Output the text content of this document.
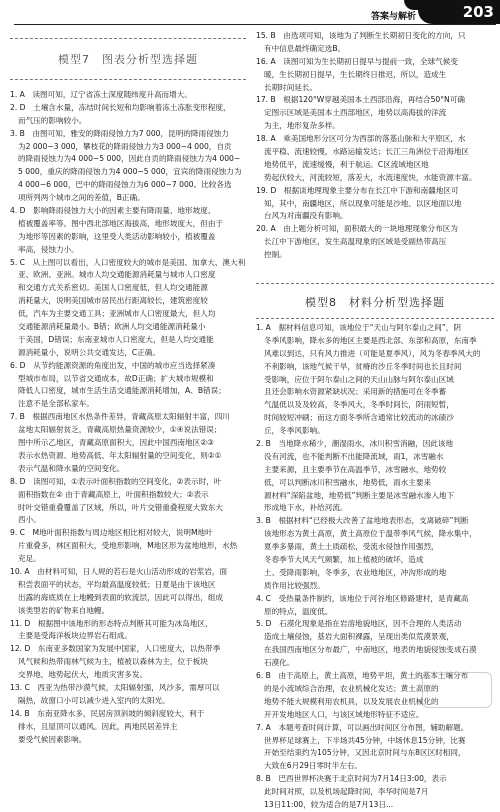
答案与解析	203
模型7　图表分析型选择题
1. A　读图可知，辽宁省冻土深度随纬度升高而增大。
2. D　土壤含水量，冻结时间长短和均影响着冻土冻胀变形程度，
而气压的影响较小。
3. B　由图可知，雅安的降雨侵蚀力为7 000，昆明的降雨侵蚀力
为2 000~3 000，攀枝花的降雨侵蚀力为3 000~4 000，自贡
的降雨侵蚀力为4 000~5 000，因此自贡的降雨侵蚀力为4 000~
5 000，重庆的降雨侵蚀力为4 000~5 000，宜宾的降雨侵蚀力为
4 000~6 000，巴中的降雨侵蚀力为6 000~7 000。比较各选
项所列两个城市之间的差值，B正确。
4. D　影响降雨侵蚀力大小的因素主要有降雨量、地形坡度、
植被覆盖率等。图中西北部地区海拔高，地形坡度大，但由于
为地形等因素的影响，这里受人类活动影响较小，植被覆盖
率高，侵蚀力小。
5. C　从上图可以看出，人口密度较大的城市是美国、加拿大、澳大利
亚、欧洲、亚洲。城市人均交通能源消耗量与城市人口密度
和交通方式关系密切。美国人口密度低，但人均交通能源
消耗量大，说明美国城市居民出行距离较长，建筑密度较
低，汽车为主要交通工具；亚洲城市人口密度最大，但人均
交通能源消耗量最小。B错；欧洲人均交通能源消耗量小
于美国，D错误；东南亚城市人口密度大，但是人均交通能
源消耗量小，说明公共交通发达，C正确。
6. D　从节约能源资源的角度出发，中国的城市应当选择紧凑
型城市布局，以节省交通成本，故D正确；扩大城市规模和
降低人口密度，城市生活生活交通能源消耗增加，A、B错误；
注意不是全部私家车。
7. B　根据西南地区水热条件差异，青藏高原太阳辐射丰富，四川
盆地太阳辐射贫乏，青藏高原热量资源较少，①④说法错误；
图中所示乙地区，青藏高原面积大，因此中国西南地区②③
表示水热资源、地势高低、年太阳辐射量的空间变化，则②①
表示气温和降水量的空间变化。
8. D　读图可知，①表示叶面积指数的空间变化，②表示时，叶
面积指数在② 由于青藏高原上，叶面积指数较大；②表示
时叶交错重叠覆盖了区域，所以，叶片交错重叠程度大致东大
西小。
9. C　M地叶面积指数与周边地区相比相对较大，说明M地叶
片重叠多，林区面积大，受地形影响，M地区形为盆地地形，水热
充足。
10. A　由材料可知，日人规的若石是火山活动形成的岩浆岩，面
积尝表面平的状态，平均最高温度较低；日夏是由于该地区
出露的海底质在上地幔到表面的软流层，因此可以得出，组成
该类型岩的矿物来自地幔。
11. D　根据图中该地形的形态特点判断其可能为冰岛地区，
主要是受海洋板块边界岩石组成。
12. D　东南亚多数国家为发展中国家，人口密度大，以热带季
风气候和热带雨林气候为主，植被以森林为主，位于板块
交界地，地势起伏大，地质灾害多发。
13. C　西亚为热带沙漠气候，太阳辐射强，风沙多，需厚可以
隔热，故窗口小可以减少进入室内的太阳光。
14. B　东南亚降水多，民居房顶斜坡的倾斜度较大，利于
排水，且屋顶可以通风。因此，两地民居差异主
要受气候因素影响。
15. B　由选项可知，该地为了判断生长期初日变化的方向，只
有中信息最终确定选B。
16. A　读图可知为生长期初日提早与提前一致，全球气候变
暖，生长期初日提早，生长期终日推迟，所以，造成生
长期时间延长。
17. B　根据120°W穿越美国本土西部沿海，再结合50°N可确
定图示区域是美国本土西部地区，地势以高海拔的洋流
为主，地形复杂多样。
18. A　乘美国地形分区可分为西部的落基山脉和大平原区，水
流平稳、流速较慢，水路运输发达；长江三角洲位于沿海地区
地势低平，流速缓慢，利于航运。C区流域地区地
势起伏较大，河流较短，落差大，水流速度快，水能资源丰富。
19. D　根据谈地理现象主要分布在长江中下游和南疆地区可
知，其中，南疆地区，所以现象可能是沙地、以区地面以地
台风为对南疆没有影响。
20. A　由上题分析可知，面积最大的一块地理现象分布区为
长江中下游地区，发生高温现象的区域是受副热带高压
控制。
模型8　材料分析型选择题
1. A　据材料信息可知，该地位于“天山与阿尔泰山之间”，阴
冬季风影响，降水多的地区主要是西北部、东部和高原，东南季
风难以到达，只有风力推进（可能是夏季风），风为冬春季风大的
不利影响，该地气候干旱，贫瘠的沙丘冬季时间也长且时间
受影响，应位于阿尔泰山之间的天山山脉与阿尔泰山区域
且还会影响水资源紧缺状况；采用新的措施可在冬季蓄
气温低以及及较高，冬季风大，冬季时间长，阴雨短暂，
时间较短冲刷；而这方面冬季所含通常比较流动的冰碛沙
丘，冬季风影响。
2. B　当地降水稀少，潮湿雨水，冰川积雪消融，因此该地
没有河流，也不能判断不出能降流域，雨1，冰雪融水
主要来源，且主要季节在高温季节，冰雪融水，地势较
低，可以判断冰川积雪融水，地势低，雨水主要来
源材料“深陷盆地，地势低”判断主要是冰雪融水渗入地下
形成地下水，补给河流。
3. B　根据材料“已经极大改善了盆地地表形态，支离破碎”判断
该地形态为黄土高原，黄土高原位于温带季风气候，降水集中，
夏季多暴雨，黄土土质疏松，受流水侵蚀作用强烈，
冬春季节大风天气频繁，加上植被的破坏，造成
土、受降雨影响，冬季多，农业地地区，冲沟形成的地
质作用比较强烈。
4. C　受热量条件制约，该地位于河谷地区修路建村，是青藏高
原的特点，温度低。
5. D　石漠化现象是指在岩溶地貌地区，因不合理的人类活动
造成土壤侵蚀，基岩大面积裸露，呈现出类似荒漠景观，
在我国西南地区分布最广，中南地区，地表的地貌侵蚀变成石漠
石漠化。
6. B　由于高原上，黄土高原，地势平坦，黄土的基本土壤分布
的是小流域综合治理，农业机械化发达；黄土高原的
地势不能大规模利用农机具，以及发展农业机械化的
开开发地地区人口，与该区域地形特征不适应。
7. A　本题考查时间计算，可以画出时间区分布图，辅助解题。
世界杯足球赛上，下半场共45分钟，中场休息15分钟，比赛
开始至结束约为105分钟，又因北京时间与东8区区时相同，
大致在6月29日零时半左右。
8. B　巴西世界杯决赛于北京时间为7月14日3:00，表示
此时间对照，以及机场起降时间，李华时间是7月
13日11:00，较为适合的是7月13日...
